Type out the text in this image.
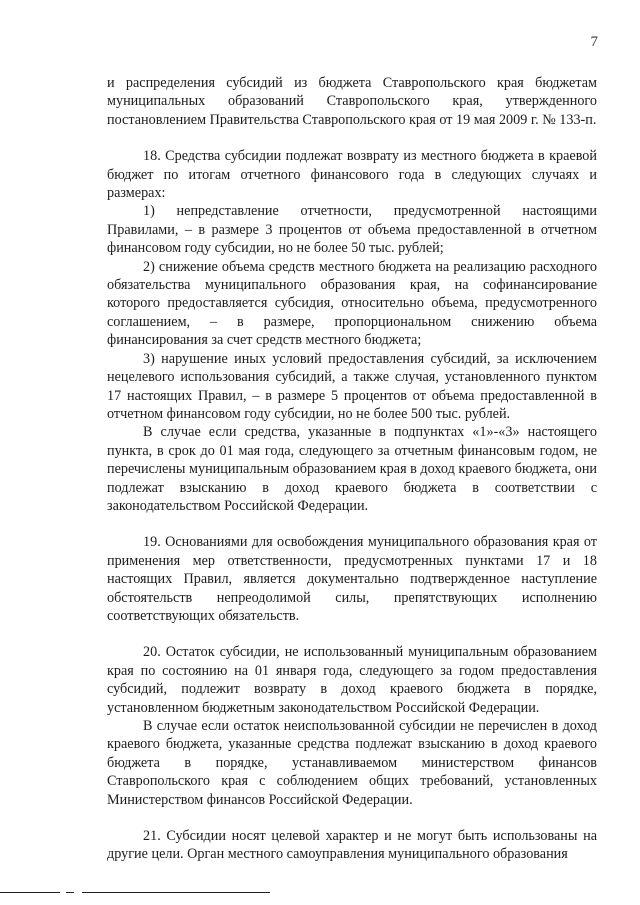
7

и распределения субсидий из бюджета Ставропольского края бюджетам муниципальных образований Ставропольского края, утвержденного постановлением Правительства Ставропольского края от 19 мая 2009 г. № 133-п.

18. Средства субсидии подлежат возврату из местного бюджета в краевой бюджет по итогам отчетного финансового года в следующих случаях и размерах:

1) непредставление отчетности, предусмотренной настоящими Правилами, – в размере 3 процентов от объема предоставленной в отчетном финансовом году субсидии, но не более 50 тыс. рублей;

2) снижение объема средств местного бюджета на реализацию расходного обязательства муниципального образования края, на софинансирование которого предоставляется субсидия, относительно объема, предусмотренного соглашением, – в размере, пропорциональном снижению объема финансирования за счет средств местного бюджета;

3) нарушение иных условий предоставления субсидий, за исключением нецелевого использования субсидий, а также случая, установленного пунктом 17 настоящих Правил, – в размере 5 процентов от объема предоставленной в отчетном финансовом году субсидии, но не более 500 тыс. рублей.

В случае если средства, указанные в подпунктах «1»-«3» настоящего пункта, в срок до 01 мая года, следующего за отчетным финансовым годом, не перечислены муниципальным образованием края в доход краевого бюджета, они подлежат взысканию в доход краевого бюджета в соответствии с законодательством Российской Федерации.

19. Основаниями для освобождения муниципального образования края от применения мер ответственности, предусмотренных пунктами 17 и 18 настоящих Правил, является документально подтвержденное наступление обстоятельств непреодолимой силы, препятствующих исполнению соответствующих обязательств.

20. Остаток субсидии, не использованный муниципальным образованием края по состоянию на 01 января года, следующего за годом предоставления субсидий, подлежит возврату в доход краевого бюджета в порядке, установленном бюджетным законодательством Российской Федерации.

В случае если остаток неиспользованной субсидии не перечислен в доход краевого бюджета, указанные средства подлежат взысканию в доход краевого бюджета в порядке, устанавливаемом министерством финансов Ставропольского края с соблюдением общих требований, установленных Министерством финансов Российской Федерации.

21. Субсидии носят целевой характер и не могут быть использованы на другие цели. Орган местного самоуправления муниципального образования
